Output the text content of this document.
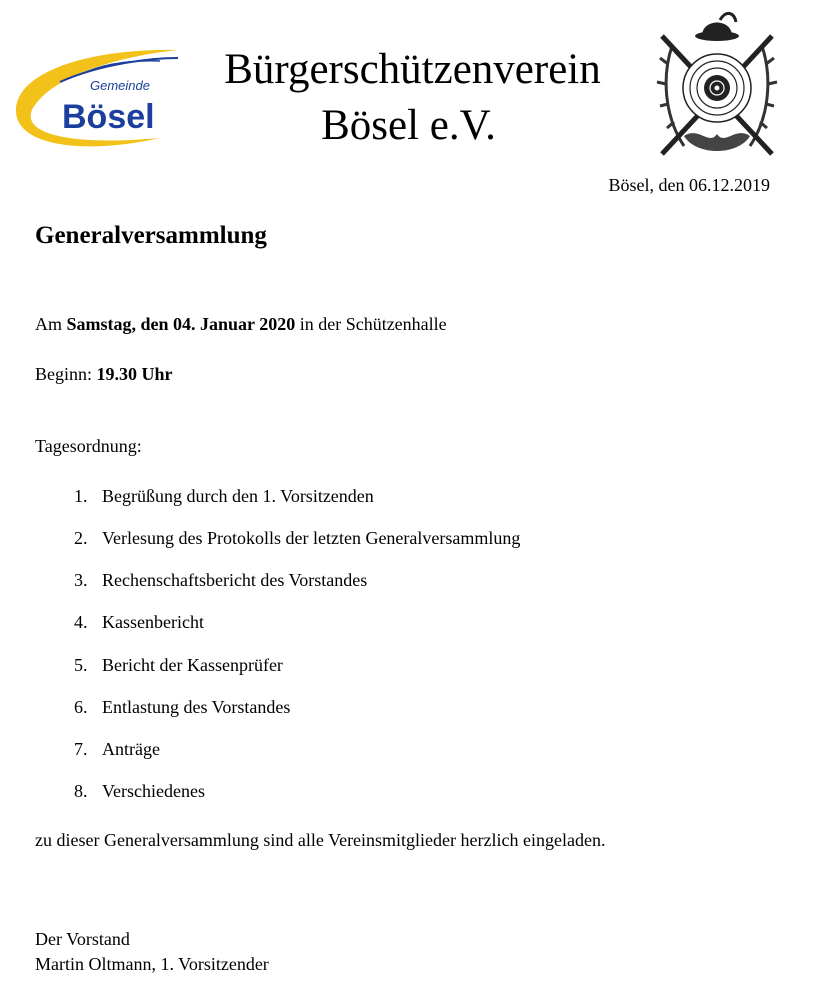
Gemeinde
Bösel
Bürgerschützenverein
Bösel e.V.
Bösel, den 06.12.2019
Generalversammlung
Am Samstag, den 04. Januar 2020 in der Schützenhalle
Beginn: 19.30 Uhr
Tagesordnung:
1. Begrüßung durch den 1. Vorsitzenden
2. Verlesung des Protokolls der letzten Generalversammlung
3. Rechenschaftsbericht des Vorstandes
4. Kassenbericht
5. Bericht der Kassenprüfer
6. Entlastung des Vorstandes
7. Anträge
8. Verschiedenes
zu dieser Generalversammlung sind alle Vereinsmitglieder herzlich eingeladen.
Der Vorstand
Martin Oltmann, 1. Vorsitzender
